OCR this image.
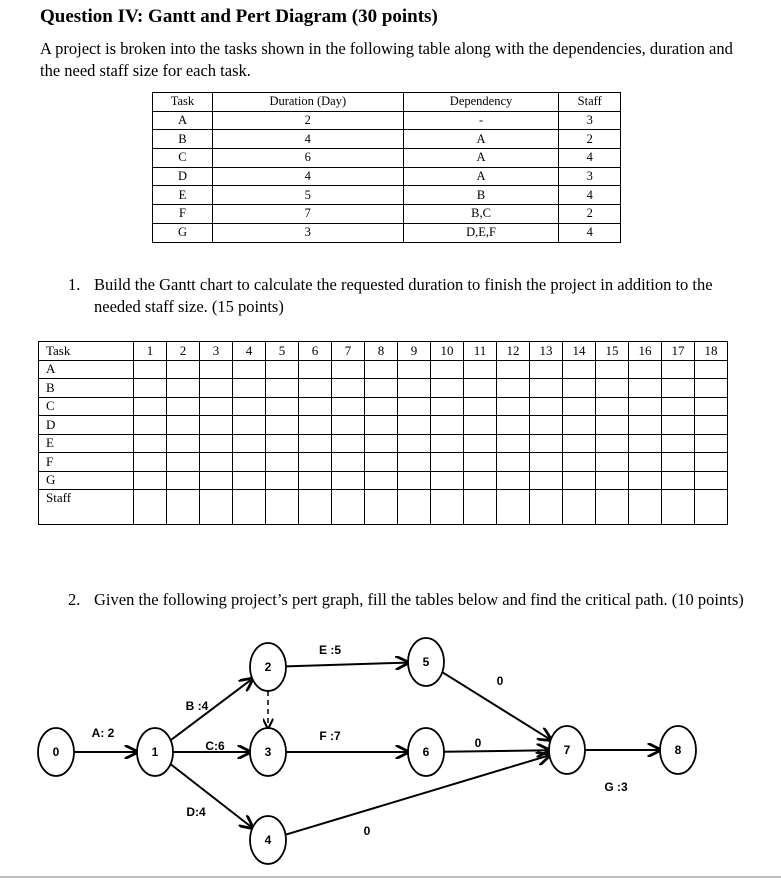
Question IV: Gantt and Pert Diagram (30 points)
A project is broken into the tasks shown in the following table along with the dependencies, duration and the need staff size for each task.
Task	Duration (Day)	Dependency	Staff
A	2	-	3
B	4	A	2
C	6	A	4
D	4	A	3
E	5	B	4
F	7	B,C	2
G	3	D,E,F	4
1. Build the Gantt chart to calculate the requested duration to finish the project in addition to the needed staff size. (15 points)
Task	1	2	3	4	5	6	7	8	9	10	11	12	13	14	15	16	17	18
A																		
B																		
C																		
D																		
E																		
F																		
G																		
Staff																		
2. Given the following project’s pert graph, fill the tables below and find the critical path. (10 points)
A: 2
B :4
C:6
D:4
E :5
F :7
0
0
0
G :3
0	1
2
3
4
5
6	7	8
